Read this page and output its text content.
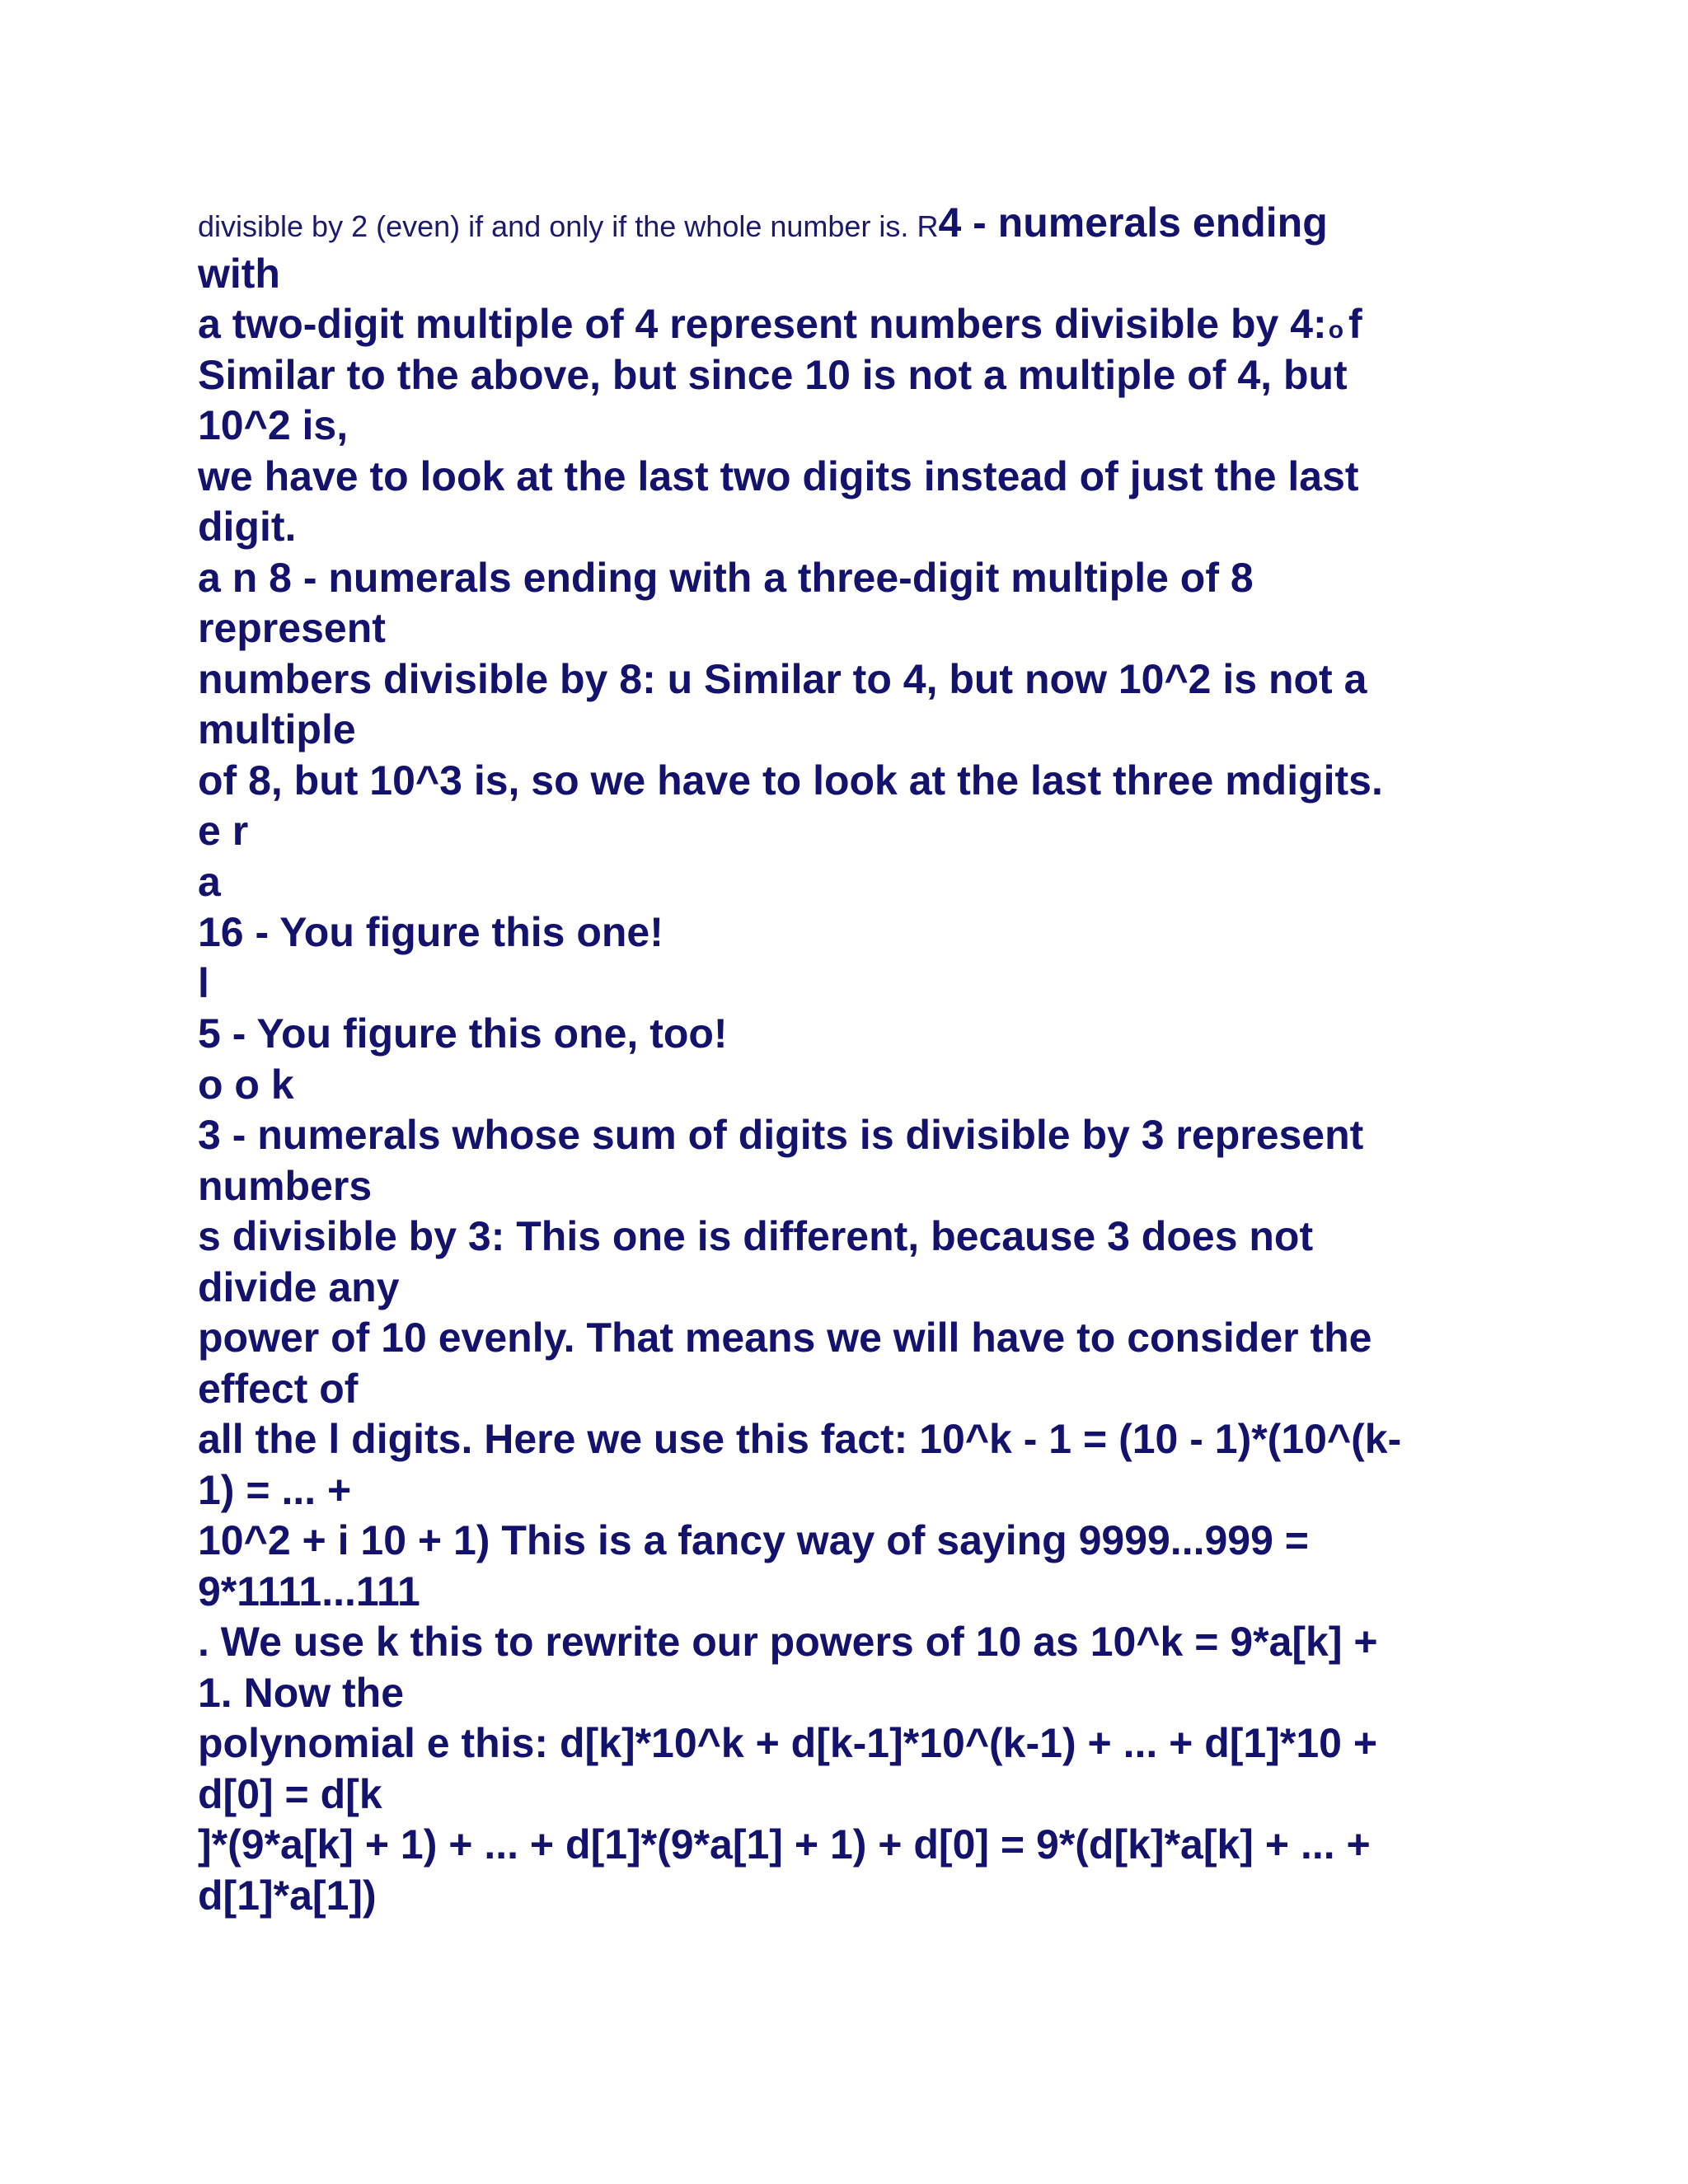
divisible by 2 (even) if and only if the whole number is. R4 - numerals ending
with
a two-digit multiple of 4 represent numbers divisible by 4:o f
Similar to the above, but since 10 is not a multiple of 4, but
10^2 is,
we have to look at the last two digits instead of just the last
digit.
a n 8 - numerals ending with a three-digit multiple of 8
represent
numbers divisible by 8: u Similar to 4, but now 10^2 is not a
multiple
of 8, but 10^3 is, so we have to look at the last three mdigits.
e r
a
16 - You figure this one!
l
5 - You figure this one, too!
o o k
3 - numerals whose sum of digits is divisible by 3 represent
numbers
s divisible by 3: This one is different, because 3 does not
divide any
power of 10 evenly. That means we will have to consider the
effect of
all the l digits. Here we use this fact: 10^k - 1 = (10 - 1)*(10^(k-
1) = ... +
10^2 + i 10 + 1) This is a fancy way of saying 9999...999 =
9*1111...111
. We use k this to rewrite our powers of 10 as 10^k = 9*a[k] +
1. Now the
polynomial e this: d[k]*10^k + d[k-1]*10^(k-1) + ... + d[1]*10 +
d[0] = d[k
]*(9*a[k] + 1) + ... + d[1]*(9*a[1] + 1) + d[0] = 9*(d[k]*a[k] + ... +
d[1]*a[1])
